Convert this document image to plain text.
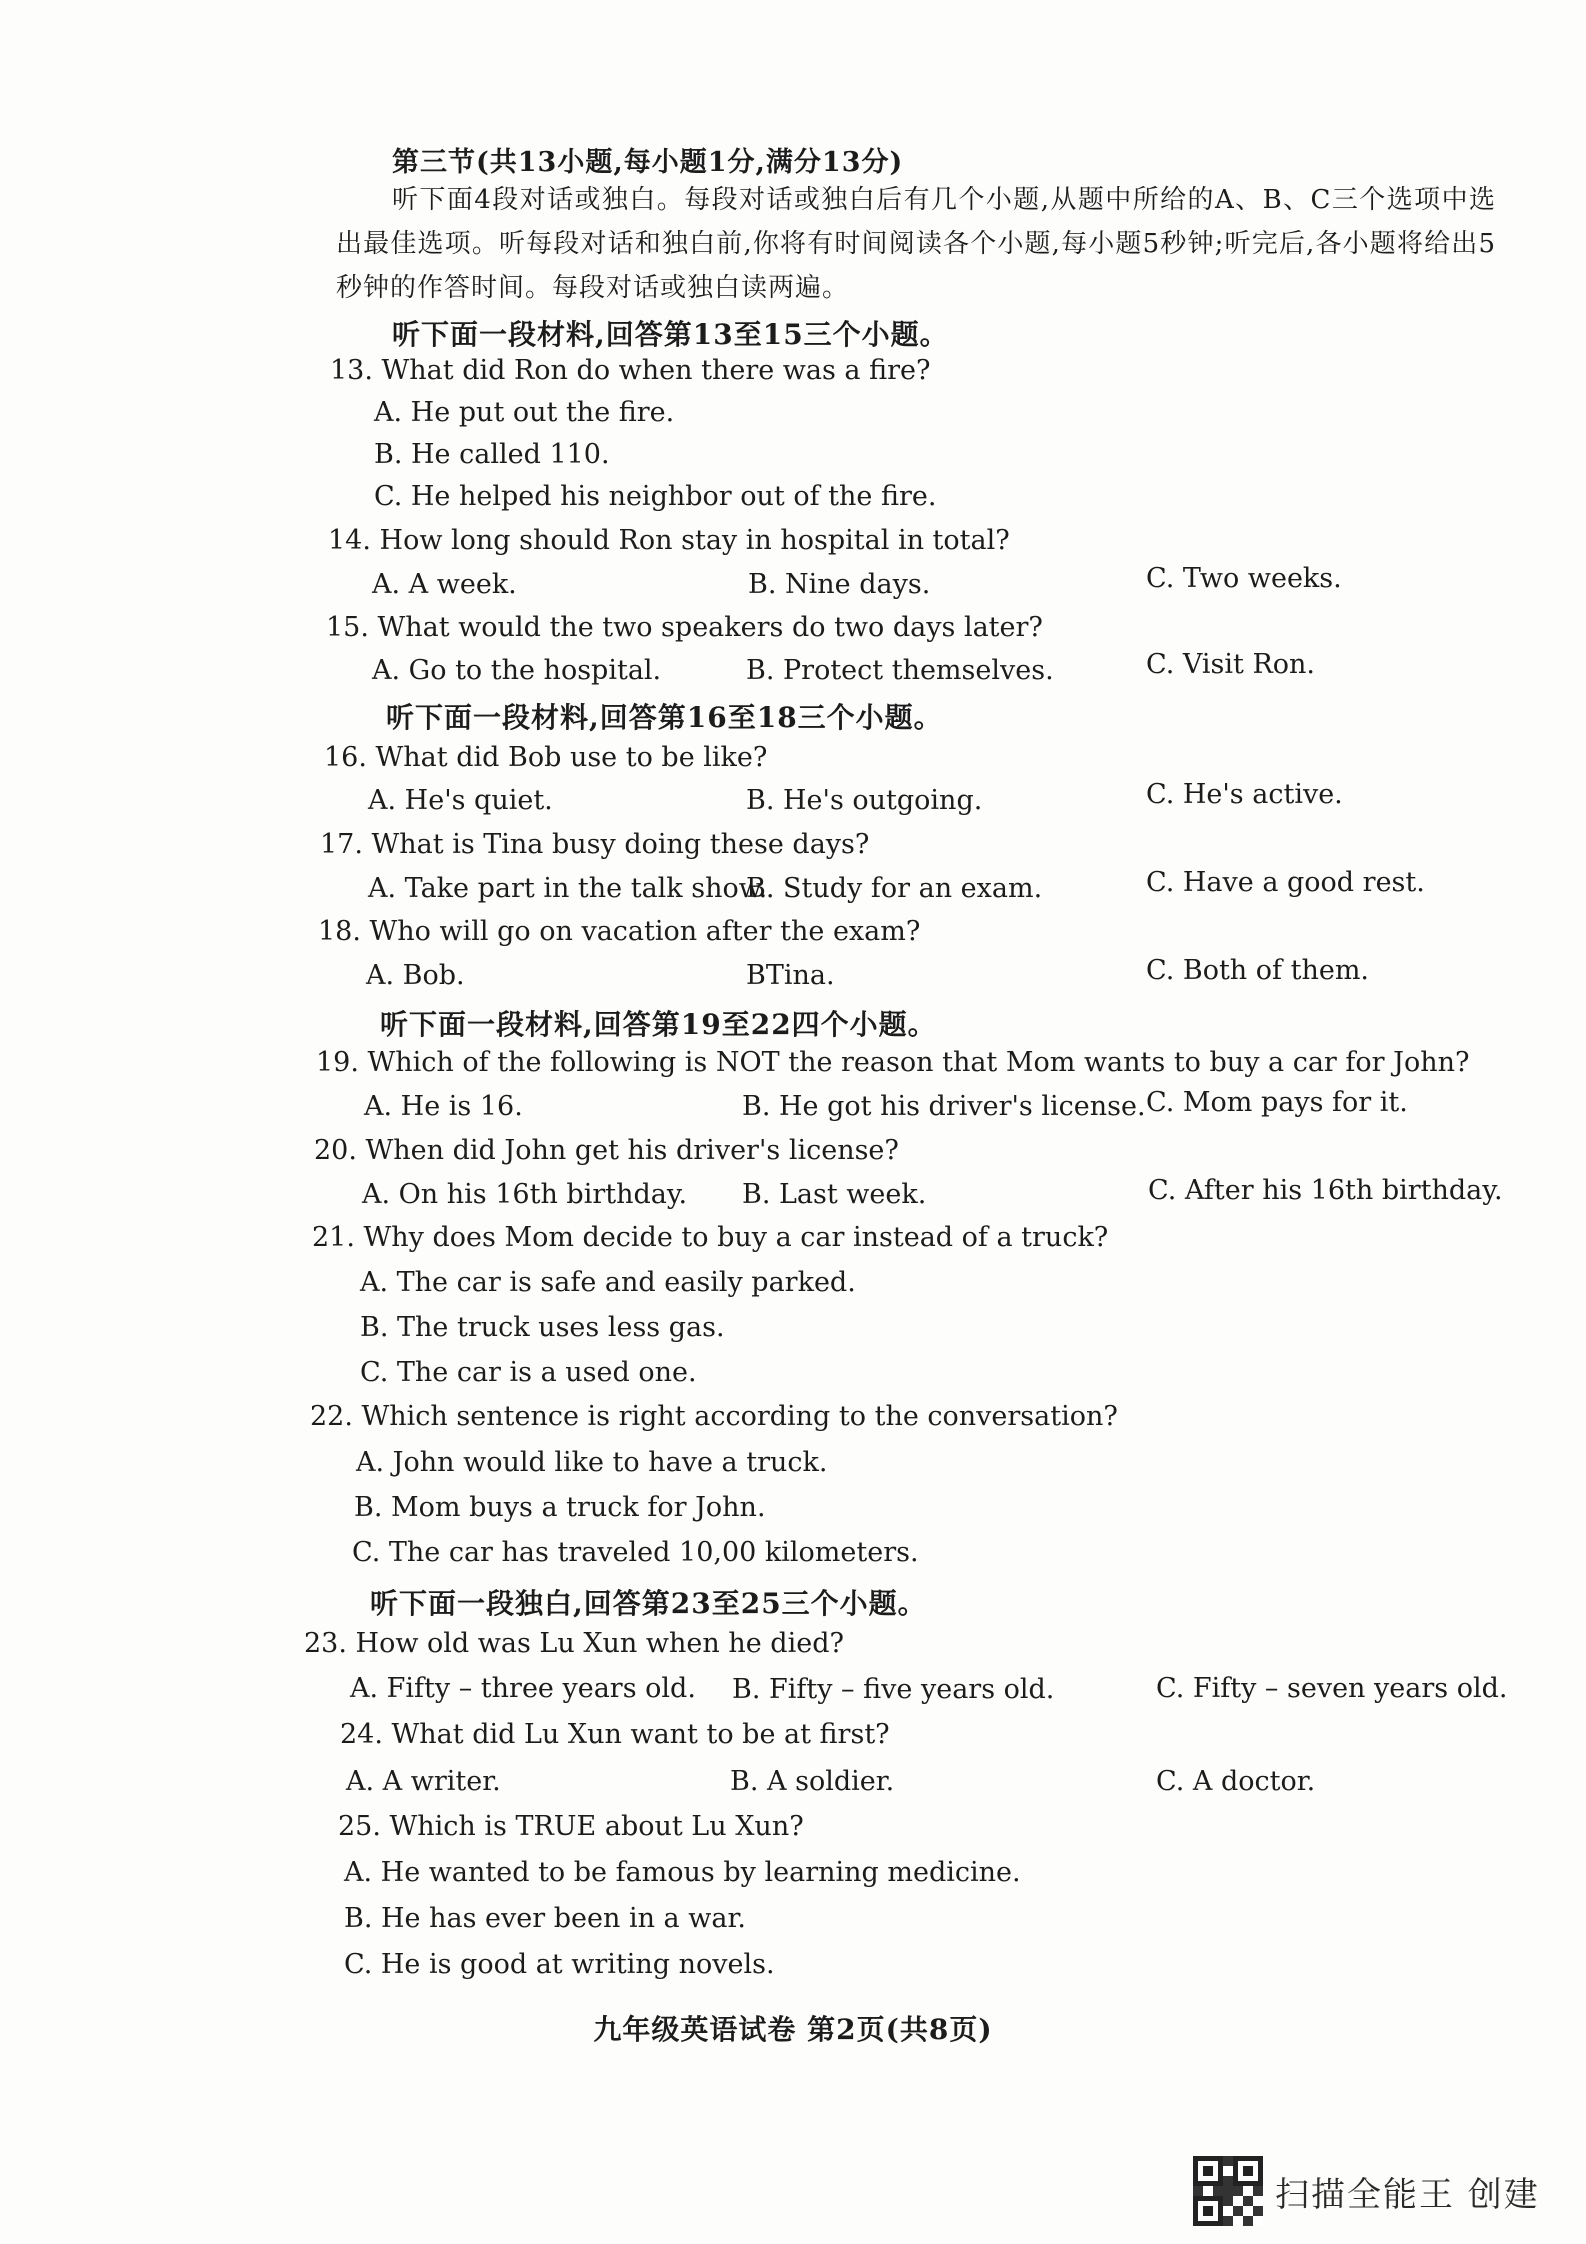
第三节(共13小题,每小题1分,满分13分)
听下面4段对话或独白。每段对话或独白后有几个小题,从题中所给的A、B、C三个选项中选出最佳选项。听每段对话和独白前,你将有时间阅读各个小题,每小题5秒钟;听完后,各小题将给出5秒钟的作答时间。每段对话或独白读两遍。
听下面一段材料,回答第13至15三个小题。
13. What did Ron do when there was a fire?
A. He put out the fire.
B. He called 110.
C. He helped his neighbor out of the fire.
14. How long should Ron stay in hospital in total?
A. A week.	B. Nine days.	C. Two weeks.
15. What would the two speakers do two days later?
A. Go to the hospital.	B. Protect themselves.	C. Visit Ron.
听下面一段材料,回答第16至18三个小题。
16. What did Bob use to be like?
A. He's quiet.	B. He's outgoing.	C. He's active.
17. What is Tina busy doing these days?
A. Take part in the talk show.
B. Study for an exam.	C. Have a good rest.
18. Who will go on vacation after the exam?
A. Bob.	BTina.	C. Both of them.
听下面一段材料,回答第19至22四个小题。
19. Which of the following is NOT the reason that Mom wants to buy a car for John?
A. He is 16.	B. He got his driver's license. C. Mom pays for it.
20. When did John get his driver's license?
A. On his 16th birthday. B. Last week.	C. After his 16th birthday.
21. Why does Mom decide to buy a car instead of a truck?
A. The car is safe and easily parked.
B. The truck uses less gas.
C. The car is a used one.
22. Which sentence is right according to the conversation?
A. John would like to have a truck.
B. Mom buys a truck for John.
C. The car has traveled 10,00 kilometers.
听下面一段独白,回答第23至25三个小题。
23. How old was Lu Xun when he died?
A. Fifty – three years old. B. Fifty – five years old.	C. Fifty – seven years old.
24. What did Lu Xun want to be at first?
A. A writer.	B. A soldier.	C. A doctor.
25. Which is TRUE about Lu Xun?
A. He wanted to be famous by learning medicine.
B. He has ever been in a war.
C. He is good at writing novels.
九年级英语试卷 第2页(共8页)
扫描全能王 创建
